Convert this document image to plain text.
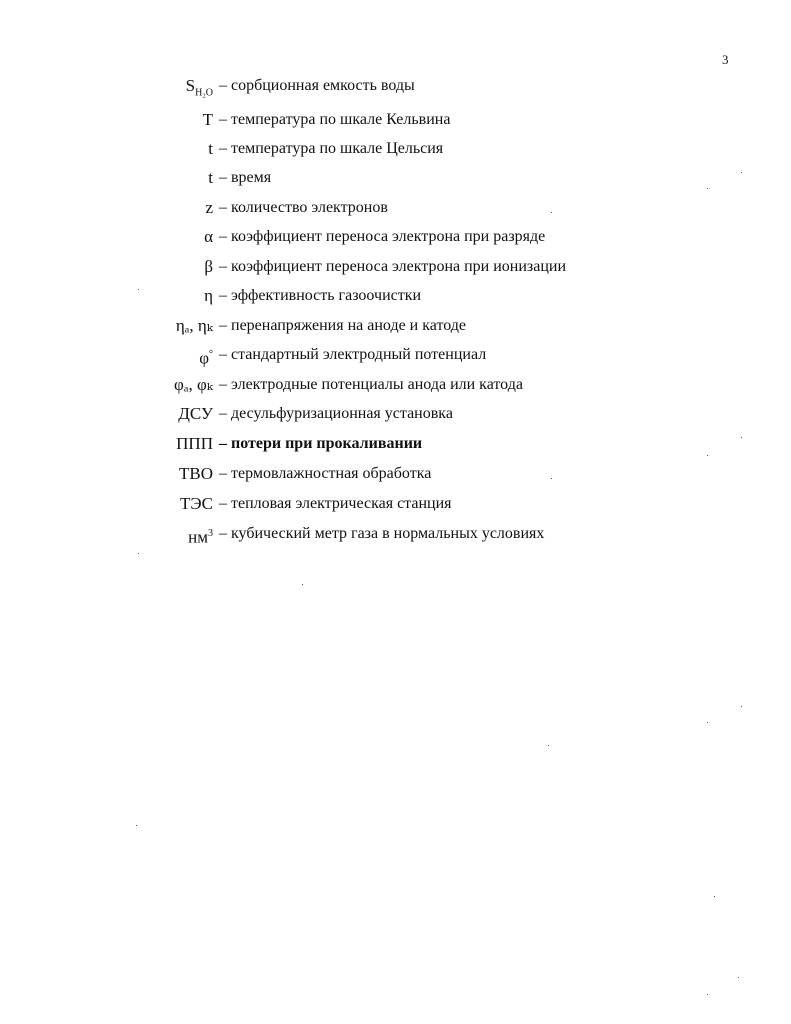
3
$S_{H_2O}$ – сорбционная емкость воды
T – температура по шкале Кельвина
t – температура по шкале Цельсия
t – время
z – количество электронов
α – коэффициент переноса электрона при разряде
β – коэффициент переноса электрона при ионизации
η – эффективность газоочистки
ηₐ, ηₖ – перенапряжения на аноде и катоде
φ° – стандартный электродный потенциал
φₐ, φₖ – электродные потенциалы анода или катода
ДСУ – десульфуризационная установка
ППП – потери при прокаливании
ТВО – термовлажностная обработка
ТЭС – тепловая электрическая станция
$нм^3$ – кубический метр газа в нормальных условиях
